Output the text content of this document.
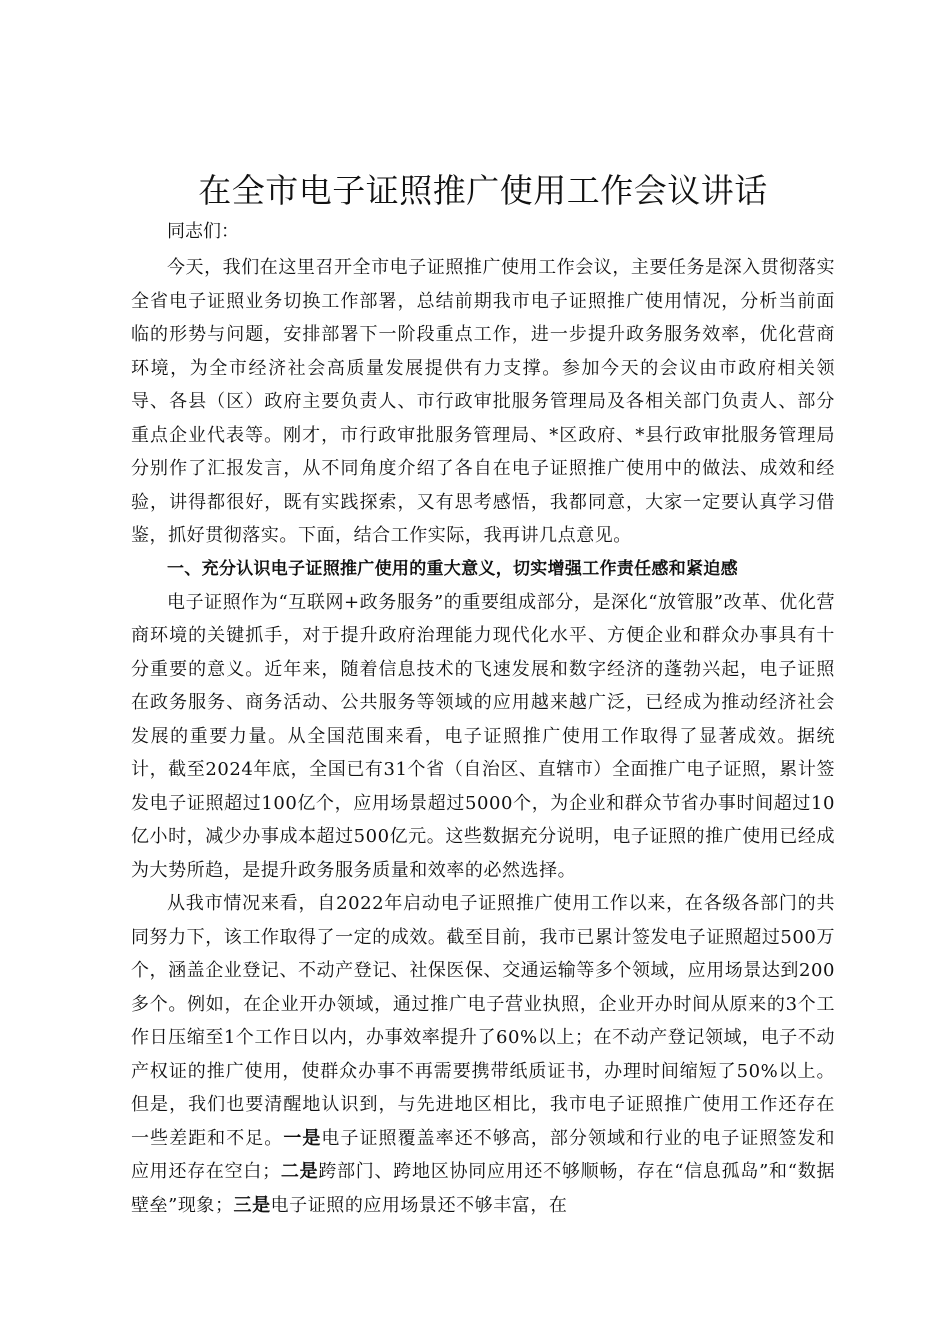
在全市电子证照推广使用工作会议讲话

同志们：

今天，我们在这里召开全市电子证照推广使用工作会议，主要任务是深入贯彻落实全省电子证照业务切换工作部署，总结前期我市电子证照推广使用情况，分析当前面临的形势与问题，安排部署下一阶段重点工作，进一步提升政务服务效率，优化营商环境，为全市经济社会高质量发展提供有力支撑。参加今天的会议由市政府相关领导、各县（区）政府主要负责人、市行政审批服务管理局及各相关部门负责人、部分重点企业代表等。刚才，市行政审批服务管理局、*区政府、*县行政审批服务管理局分别作了汇报发言，从不同角度介绍了各自在电子证照推广使用中的做法、成效和经验，讲得都很好，既有实践探索，又有思考感悟，我都同意，大家一定要认真学习借鉴，抓好贯彻落实。下面，结合工作实际，我再讲几点意见。

一、充分认识电子证照推广使用的重大意义，切实增强工作责任感和紧迫感

电子证照作为“互联网+政务服务”的重要组成部分，是深化“放管服”改革、优化营商环境的关键抓手，对于提升政府治理能力现代化水平、方便企业和群众办事具有十分重要的意义。近年来，随着信息技术的飞速发展和数字经济的蓬勃兴起，电子证照在政务服务、商务活动、公共服务等领域的应用越来越广泛，已经成为推动经济社会发展的重要力量。从全国范围来看，电子证照推广使用工作取得了显著成效。据统计，截至2024年底，全国已有31个省（自治区、直辖市）全面推广电子证照，累计签发电子证照超过100亿个，应用场景超过5000个，为企业和群众节省办事时间超过10亿小时，减少办事成本超过500亿元。这些数据充分说明，电子证照的推广使用已经成为大势所趋，是提升政务服务质量和效率的必然选择。

从我市情况来看，自2022年启动电子证照推广使用工作以来，在各级各部门的共同努力下，该工作取得了一定的成效。截至目前，我市已累计签发电子证照超过500万个，涵盖企业登记、不动产登记、社保医保、交通运输等多个领域，应用场景达到200多个。例如，在企业开办领域，通过推广电子营业执照，企业开办时间从原来的3个工作日压缩至1个工作日以内，办事效率提升了60%以上；在不动产登记领域，电子不动产权证的推广使用，使群众办事不再需要携带纸质证书，办理时间缩短了50%以上。但是，我们也要清醒地认识到，与先进地区相比，我市电子证照推广使用工作还存在一些差距和不足。一是电子证照覆盖率还不够高，部分领域和行业的电子证照签发和应用还存在空白；二是跨部门、跨地区协同应用还不够顺畅，存在“信息孤岛”和“数据壁垒”现象；三是电子证照的应用场景还不够丰富，在
